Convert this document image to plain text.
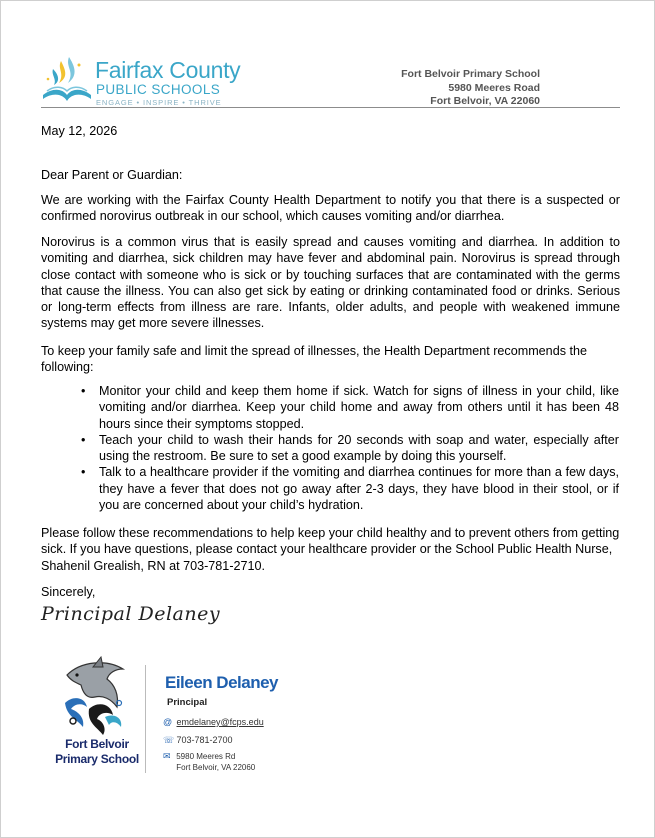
Fairfax County
PUBLIC SCHOOLS
ENGAGE • INSPIRE • THRIVE
Fort Belvoir Primary School
5980 Meeres Road
Fort Belvoir, VA 22060
May 12, 2026
Dear Parent or Guardian:
We are working with the Fairfax County Health Department to notify you that there is a suspected or confirmed norovirus outbreak in our school, which causes vomiting and/or diarrhea.
Norovirus is a common virus that is easily spread and causes vomiting and diarrhea. In addition to vomiting and diarrhea, sick children may have fever and abdominal pain. Norovirus is spread through close contact with someone who is sick or by touching surfaces that are contaminated with the germs that cause the illness. You can also get sick by eating or drinking contaminated food or drinks. Serious or long-term effects from illness are rare. Infants, older adults, and people with weakened immune systems may get more severe illnesses.
To keep your family safe and limit the spread of illnesses, the Health Department recommends the following:
• Monitor your child and keep them home if sick. Watch for signs of illness in your child, like vomiting and/or diarrhea. Keep your child home and away from others until it has been 48 hours since their symptoms stopped.
• Teach your child to wash their hands for 20 seconds with soap and water, especially after using the restroom. Be sure to set a good example by doing this yourself.
• Talk to a healthcare provider if the vomiting and diarrhea continues for more than a few days, they have a fever that does not go away after 2-3 days, they have blood in their stool, or if you are concerned about your child’s hydration.
Please follow these recommendations to help keep your child healthy and to prevent others from getting sick. If you have questions, please contact your healthcare provider or the School Public Health Nurse, Shahenil Grealish, RN at 703-781-2710.
Sincerely,
Principal Delaney
Fort Belvoir
Primary School
Eileen Delaney
Principal
@ emdelaney@fcps.edu
☏ 703-781-2700
✉ 5980 Meeres Rd
Fort Belvoir, VA 22060
